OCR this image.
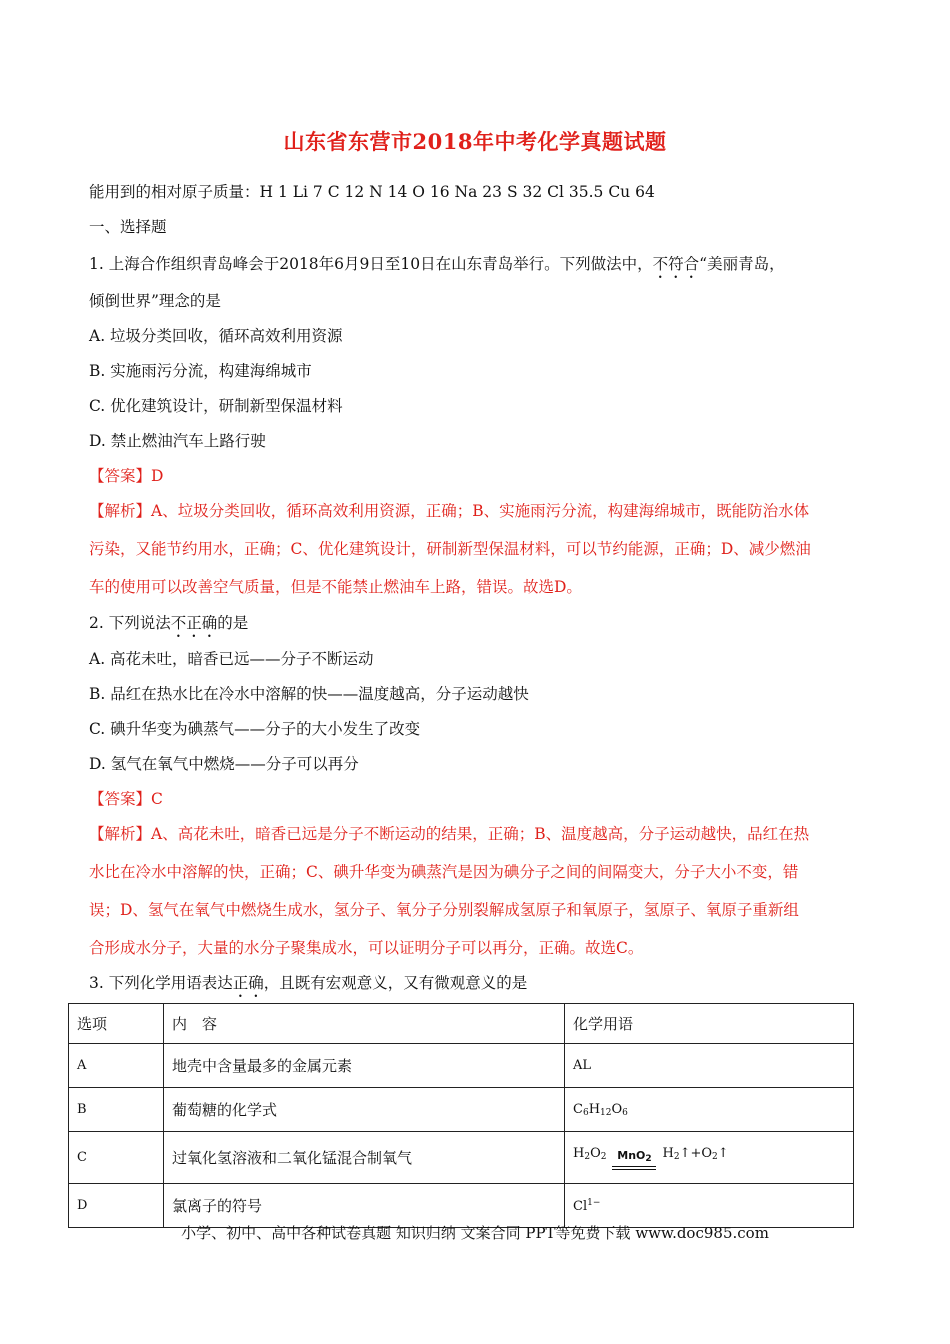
山东省东营市2018年中考化学真题试题
能用到的相对原子质量：H 1 Li 7 C 12 N 14 O 16 Na 23 S 32 Cl 35.5 Cu 64
一、选择题
1. 上海合作组织青岛峰会于2018年6月9日至10日在山东青岛举行。下列做法中，不符合“美丽青岛，
倾倒世界”理念的是
A. 垃圾分类回收，循环高效利用资源
B. 实施雨污分流，构建海绵城市
C. 优化建筑设计，研制新型保温材料
D. 禁止燃油汽车上路行驶
【答案】D
【解析】A、垃圾分类回收，循环高效利用资源，正确；B、实施雨污分流，构建海绵城市，既能防治水体
污染，又能节约用水，正确；C、优化建筑设计，研制新型保温材料，可以节约能源，正确；D、减少燃油
车的使用可以改善空气质量，但是不能禁止燃油车上路，错误。故选D。
2. 下列说法不正确的是
A. 高花未吐，暗香已远——分子不断运动
B. 品红在热水比在冷水中溶解的快——温度越高，分子运动越快
C. 碘升华变为碘蒸气——分子的大小发生了改变
D. 氢气在氧气中燃烧——分子可以再分
【答案】C
【解析】A、高花未吐，暗香已远是分子不断运动的结果，正确；B、温度越高，分子运动越快，品红在热
水比在冷水中溶解的快，正确；C、碘升华变为碘蒸汽是因为碘分子之间的间隔变大，分子大小不变，错
误；D、氢气在氧气中燃烧生成水，氢分子、氧分子分别裂解成氢原子和氧原子，氢原子、氧原子重新组
合形成水分子，大量的水分子聚集成水，可以证明分子可以再分，正确。故选C。
3. 下列化学用语表达正确，且既有宏观意义，又有微观意义的是
选项	内　容	化学用语
A	地壳中含量最多的金属元素	AL
B	葡萄糖的化学式	$C_6H_{12}O_6$
C	过氧化氢溶液和二氧化锰混合制氧气	$H_2O_2$ MnO$_2$ $H_2↑+O_2↑$
D	氯离子的符号	$Cl^{1-}$
小学、初中、高中各种试卷真题 知识归纳 文案合同 PPT等免费下载 www.doc985.com
